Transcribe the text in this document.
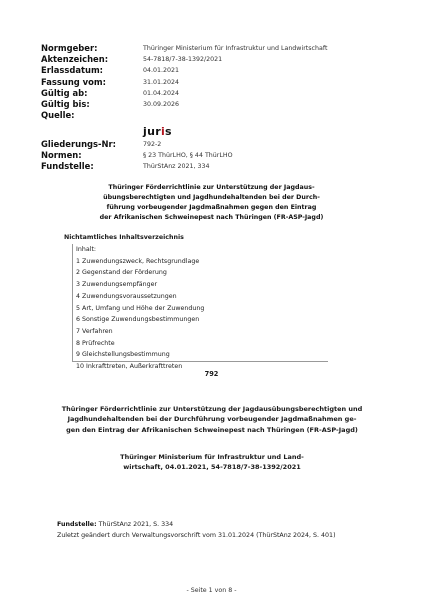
Normgeber:	Thüringer Ministerium für Infrastruktur und Landwirtschaft
Aktenzeichen:	54-7818/7-38-1392/2021
Erlassdatum:	04.01.2021
Fassung vom:	31.01.2024
Gültig ab:	01.04.2024
Gültig bis:	30.09.2026
Quelle:
juris
Gliederungs-Nr:	792-2
Normen:	§ 23 ThürLHO, § 44 ThürLHO
Fundstelle:	ThürStAnz 2021, 334
Thüringer Förderrichtlinie zur Unterstützung der Jagdaus-
übungsberechtigten und Jagdhundehaltenden bei der Durch-
führung vorbeugender Jagdmaßnahmen gegen den Eintrag
der Afrikanischen Schweinepest nach Thüringen (FR-ASP-Jagd)
Nichtamtliches Inhaltsverzeichnis
Inhalt:
1 Zuwendungszweck, Rechtsgrundlage
2 Gegenstand der Förderung
3 Zuwendungsempfänger
4 Zuwendungsvoraussetzungen
5 Art, Umfang und Höhe der Zuwendung
6 Sonstige Zuwendungsbestimmungen
7 Verfahren
8 Prüfrechte
9 Gleichstellungsbestimmung
10 Inkrafttreten, Außerkrafttreten
792
Thüringer Förderrichtlinie zur Unterstützung der Jagdausübungsberechtigten und
Jagdhundehaltenden bei der Durchführung vorbeugender Jagdmaßnahmen ge-
gen den Eintrag der Afrikanischen Schweinepest nach Thüringen (FR-ASP-Jagd)
Thüringer Ministerium für Infrastruktur und Land-
wirtschaft, 04.01.2021, 54-7818/7-38-1392/2021
Fundstelle: ThürStAnz 2021, S. 334
Zuletzt geändert durch Verwaltungsvorschrift vom 31.01.2024 (ThürStAnz 2024, S. 401)
- Seite 1 von 8 -
